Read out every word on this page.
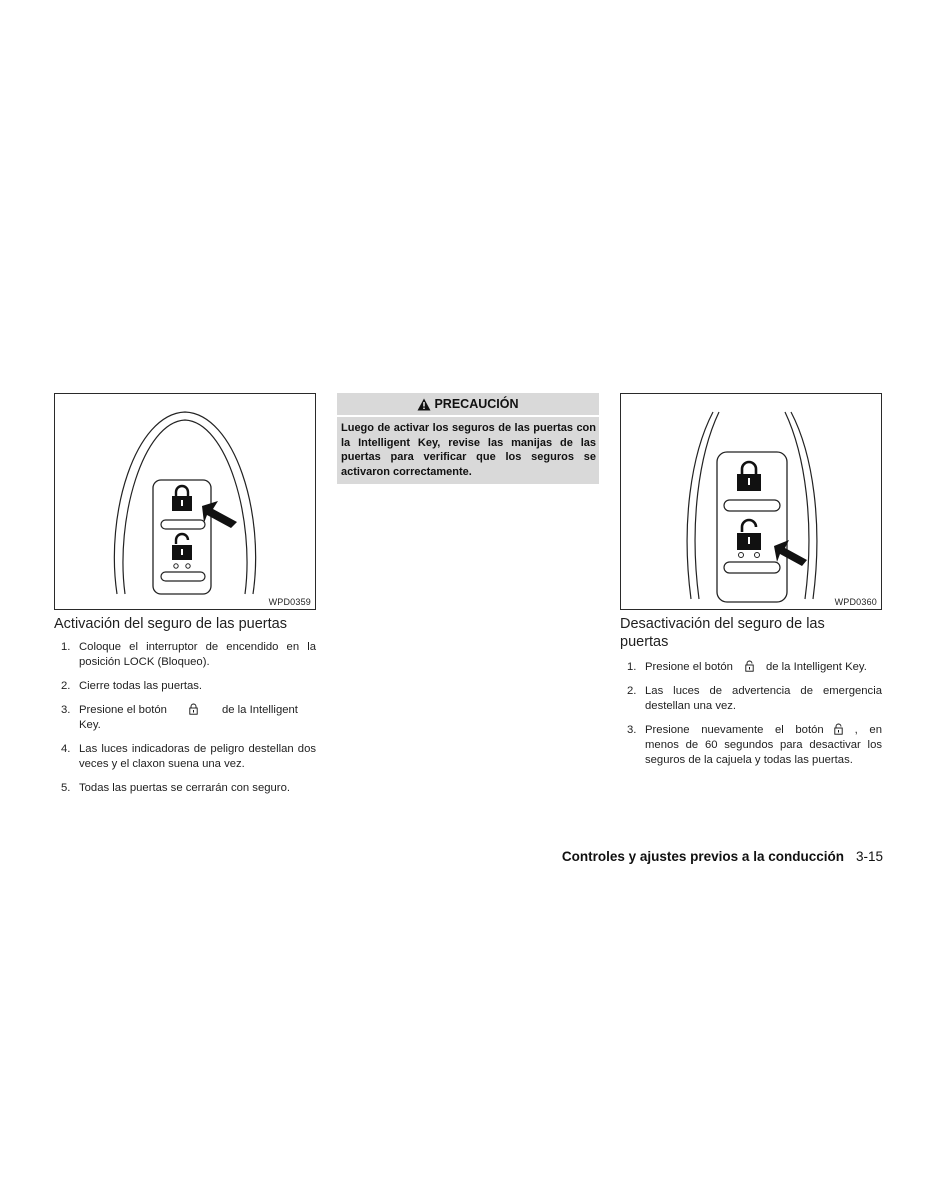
WPD0359
Activación del seguro de las puertas
1. Coloque el interruptor de encendido en la posición LOCK (Bloqueo).
2. Cierre todas las puertas.
3. Presione el botón	de la Intelligent Key.
4. Las luces indicadoras de peligro destellan dos veces y el claxon suena una vez.
5. Todas las puertas se cerrarán con seguro.
PRECAUCIÓN
Luego de activar los seguros de las puertas con la Intelligent Key, revise las manijas de las puertas para verificar que los seguros se activaron correctamente.
WPD0360
Desactivación del seguro de las puertas
1. Presione el botón	de la Intelligent Key.
2. Las luces de advertencia de emergencia destellan una vez.
3. Presione nuevamente el botón	, en menos de 60 segundos para desactivar los seguros de la cajuela y todas las puertas.
Controles y ajustes previos a la conducción 3-15
